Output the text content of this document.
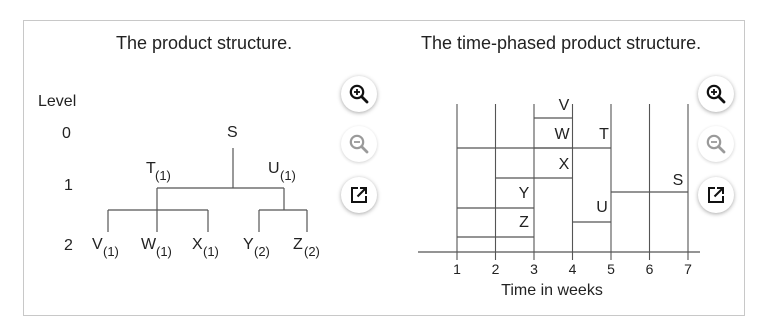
The product structure.	The time-phased product structure.
Level
0
1
2
S
T (1)	U (1)
V (1) W (1) X (1) Y (2) Z (2)
S
T
U
V
W
X
Y
Z
1 2 3 4 5 6 7
Time in weeks
